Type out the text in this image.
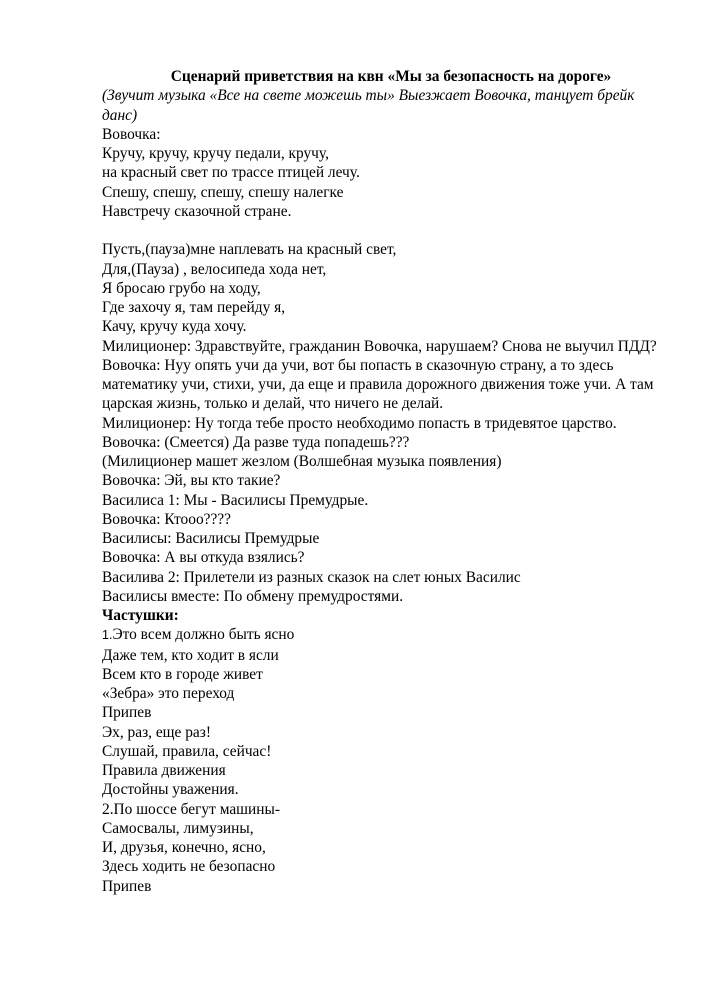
Сценарий приветствия на квн «Мы за безопасность на дороге»
(Звучит музыка «Все на свете можешь ты» Выезжает Вовочка, танцует брейк данс)
Вовочка:
Кручу, кручу, кручу педали, кручу,
на красный свет по трассе птицей лечу.
Спешу, спешу, спешу, спешу налегке
Навстречу сказочной стране.
Пусть,(пауза)мне наплевать на красный свет,
Для,(Пауза) , велосипеда хода нет,
Я бросаю грубо на ходу,
Где захочу я, там перейду я,
Качу, кручу куда хочу.
Милиционер: Здравствуйте, гражданин Вовочка, нарушаем? Снова не выучил ПДД?
Вовочка: Нуу опять учи да учи, вот бы попасть в сказочную страну, а то здесь математику учи, стихи, учи, да еще и правила дорожного движения тоже учи. А там царская жизнь, только и делай, что ничего не делай.
Милиционер: Ну тогда тебе просто необходимо попасть в тридевятое царство.
Вовочка: (Смеется) Да разве туда попадешь???
(Милиционер машет жезлом (Волшебная музыка появления)
Вовочка: Эй, вы кто такие?
Василиса 1: Мы - Василисы Премудрые.
Вовочка: Ктооо????
Василисы: Василисы Премудрые
Вовочка: А вы откуда взялись?
Василива 2: Прилетели из разных сказок на слет юных Василис
Василисы вместе: По обмену премудростями.
Частушки:
1.Это всем должно быть ясно
Даже тем, кто ходит в ясли
Всем кто в городе живет
«Зебра» это переход
Припев
Эх, раз, еще раз!
Слушай, правила, сейчас!
Правила движения
Достойны уважения.
2.По шоссе бегут машины-
Самосвалы, лимузины,
И, друзья, конечно, ясно,
Здесь ходить не безопасно
Припев
